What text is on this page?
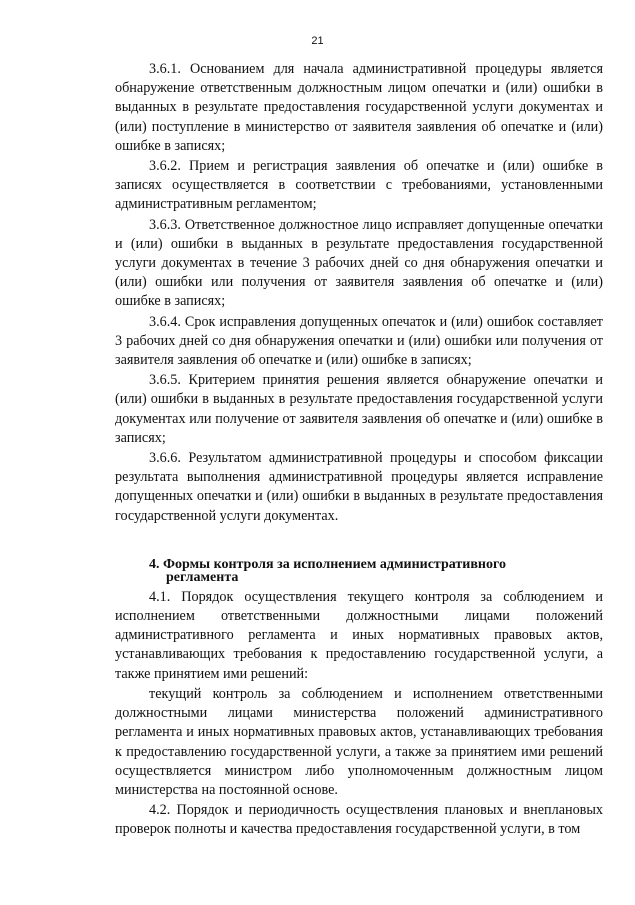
21

3.6.1. Основанием для начала административной процедуры является обнаружение ответственным должностным лицом опечатки и (или) ошибки в выданных в результате предоставления государственной услуги документах и (или) поступление в министерство от заявителя заявления об опечатке и (или) ошибке в записях;

3.6.2. Прием и регистрация заявления об опечатке и (или) ошибке в записях осуществляется в соответствии с требованиями, установленными административным регламентом;

3.6.3. Ответственное должностное лицо исправляет допущенные опечатки и (или) ошибки в выданных в результате предоставления государственной услуги документах в течение 3 рабочих дней со дня обнаружения опечатки и (или) ошибки или получения от заявителя заявления об опечатке и (или) ошибке в записях;

3.6.4. Срок исправления допущенных опечаток и (или) ошибок составляет 3 рабочих дней со дня обнаружения опечатки и (или) ошибки или получения от заявителя заявления об опечатке и (или) ошибке в записях;

3.6.5. Критерием принятия решения является обнаружение опечатки и (или) ошибки в выданных в результате предоставления государственной услуги документах или получение от заявителя заявления об опечатке и (или) ошибке в записях;

3.6.6. Результатом административной процедуры и способом фиксации результата выполнения административной процедуры является исправление допущенных опечатки и (или) ошибки в выданных в результате предоставления государственной услуги документах.

4. Формы контроля за исполнением административного
регламента

4.1. Порядок осуществления текущего контроля за соблюдением и исполнением ответственными должностными лицами положений административного регламента и иных нормативных правовых актов, устанавливающих требования к предоставлению государственной услуги, а также принятием ими решений:

текущий контроль за соблюдением и исполнением ответственными должностными лицами министерства положений административного регламента и иных нормативных правовых актов, устанавливающих требования к предоставлению государственной услуги, а также за принятием ими решений осуществляется министром либо уполномоченным должностным лицом министерства на постоянной основе.

4.2. Порядок и периодичность осуществления плановых и внеплановых проверок полноты и качества предоставления государственной услуги, в том
